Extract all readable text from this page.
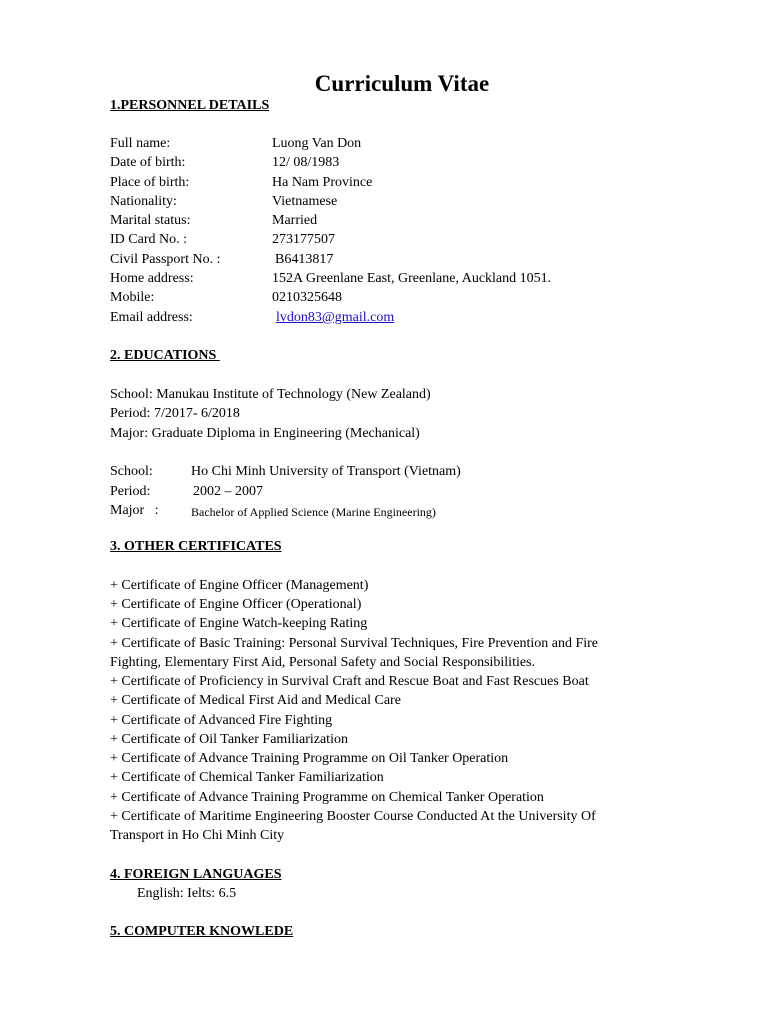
Curriculum Vitae
1.PERSONNEL DETAILS
Full name:	Luong Van Don
Date of birth:	12/ 08/1983
Place of birth:	Ha Nam Province
Nationality:	Vietnamese
Marital status:	Married
ID Card No. :	273177507
Civil Passport No. :	B6413817
Home address:	152A Greenlane East, Greenlane, Auckland 1051.
Mobile:	0210325648
Email address:	lvdon83@gmail.com
2. EDUCATIONS
School: Manukau Institute of Technology (New Zealand)
Period: 7/2017- 6/2018
Major: Graduate Diploma in Engineering (Mechanical)
School:	Ho Chi Minh University of Transport (Vietnam)
Period:	2002 – 2007
Major   :	Bachelor of Applied Science (Marine Engineering)
3. OTHER CERTIFICATES
+ Certificate of Engine Officer (Management)
+ Certificate of Engine Officer (Operational)
+ Certificate of Engine Watch-keeping Rating
+ Certificate of Basic Training: Personal Survival Techniques, Fire Prevention and Fire
Fighting, Elementary First Aid, Personal Safety and Social Responsibilities.
+ Certificate of Proficiency in Survival Craft and Rescue Boat and Fast Rescues Boat
+ Certificate of Medical First Aid and Medical Care
+ Certificate of Advanced Fire Fighting
+ Certificate of Oil Tanker Familiarization
+ Certificate of Advance Training Programme on Oil Tanker Operation
+ Certificate of Chemical Tanker Familiarization
+ Certificate of Advance Training Programme on Chemical Tanker Operation
+ Certificate of Maritime Engineering Booster Course Conducted At the University Of
Transport in Ho Chi Minh City
4. FOREIGN LANGUAGES
English: Ielts: 6.5
5. COMPUTER KNOWLEDE
